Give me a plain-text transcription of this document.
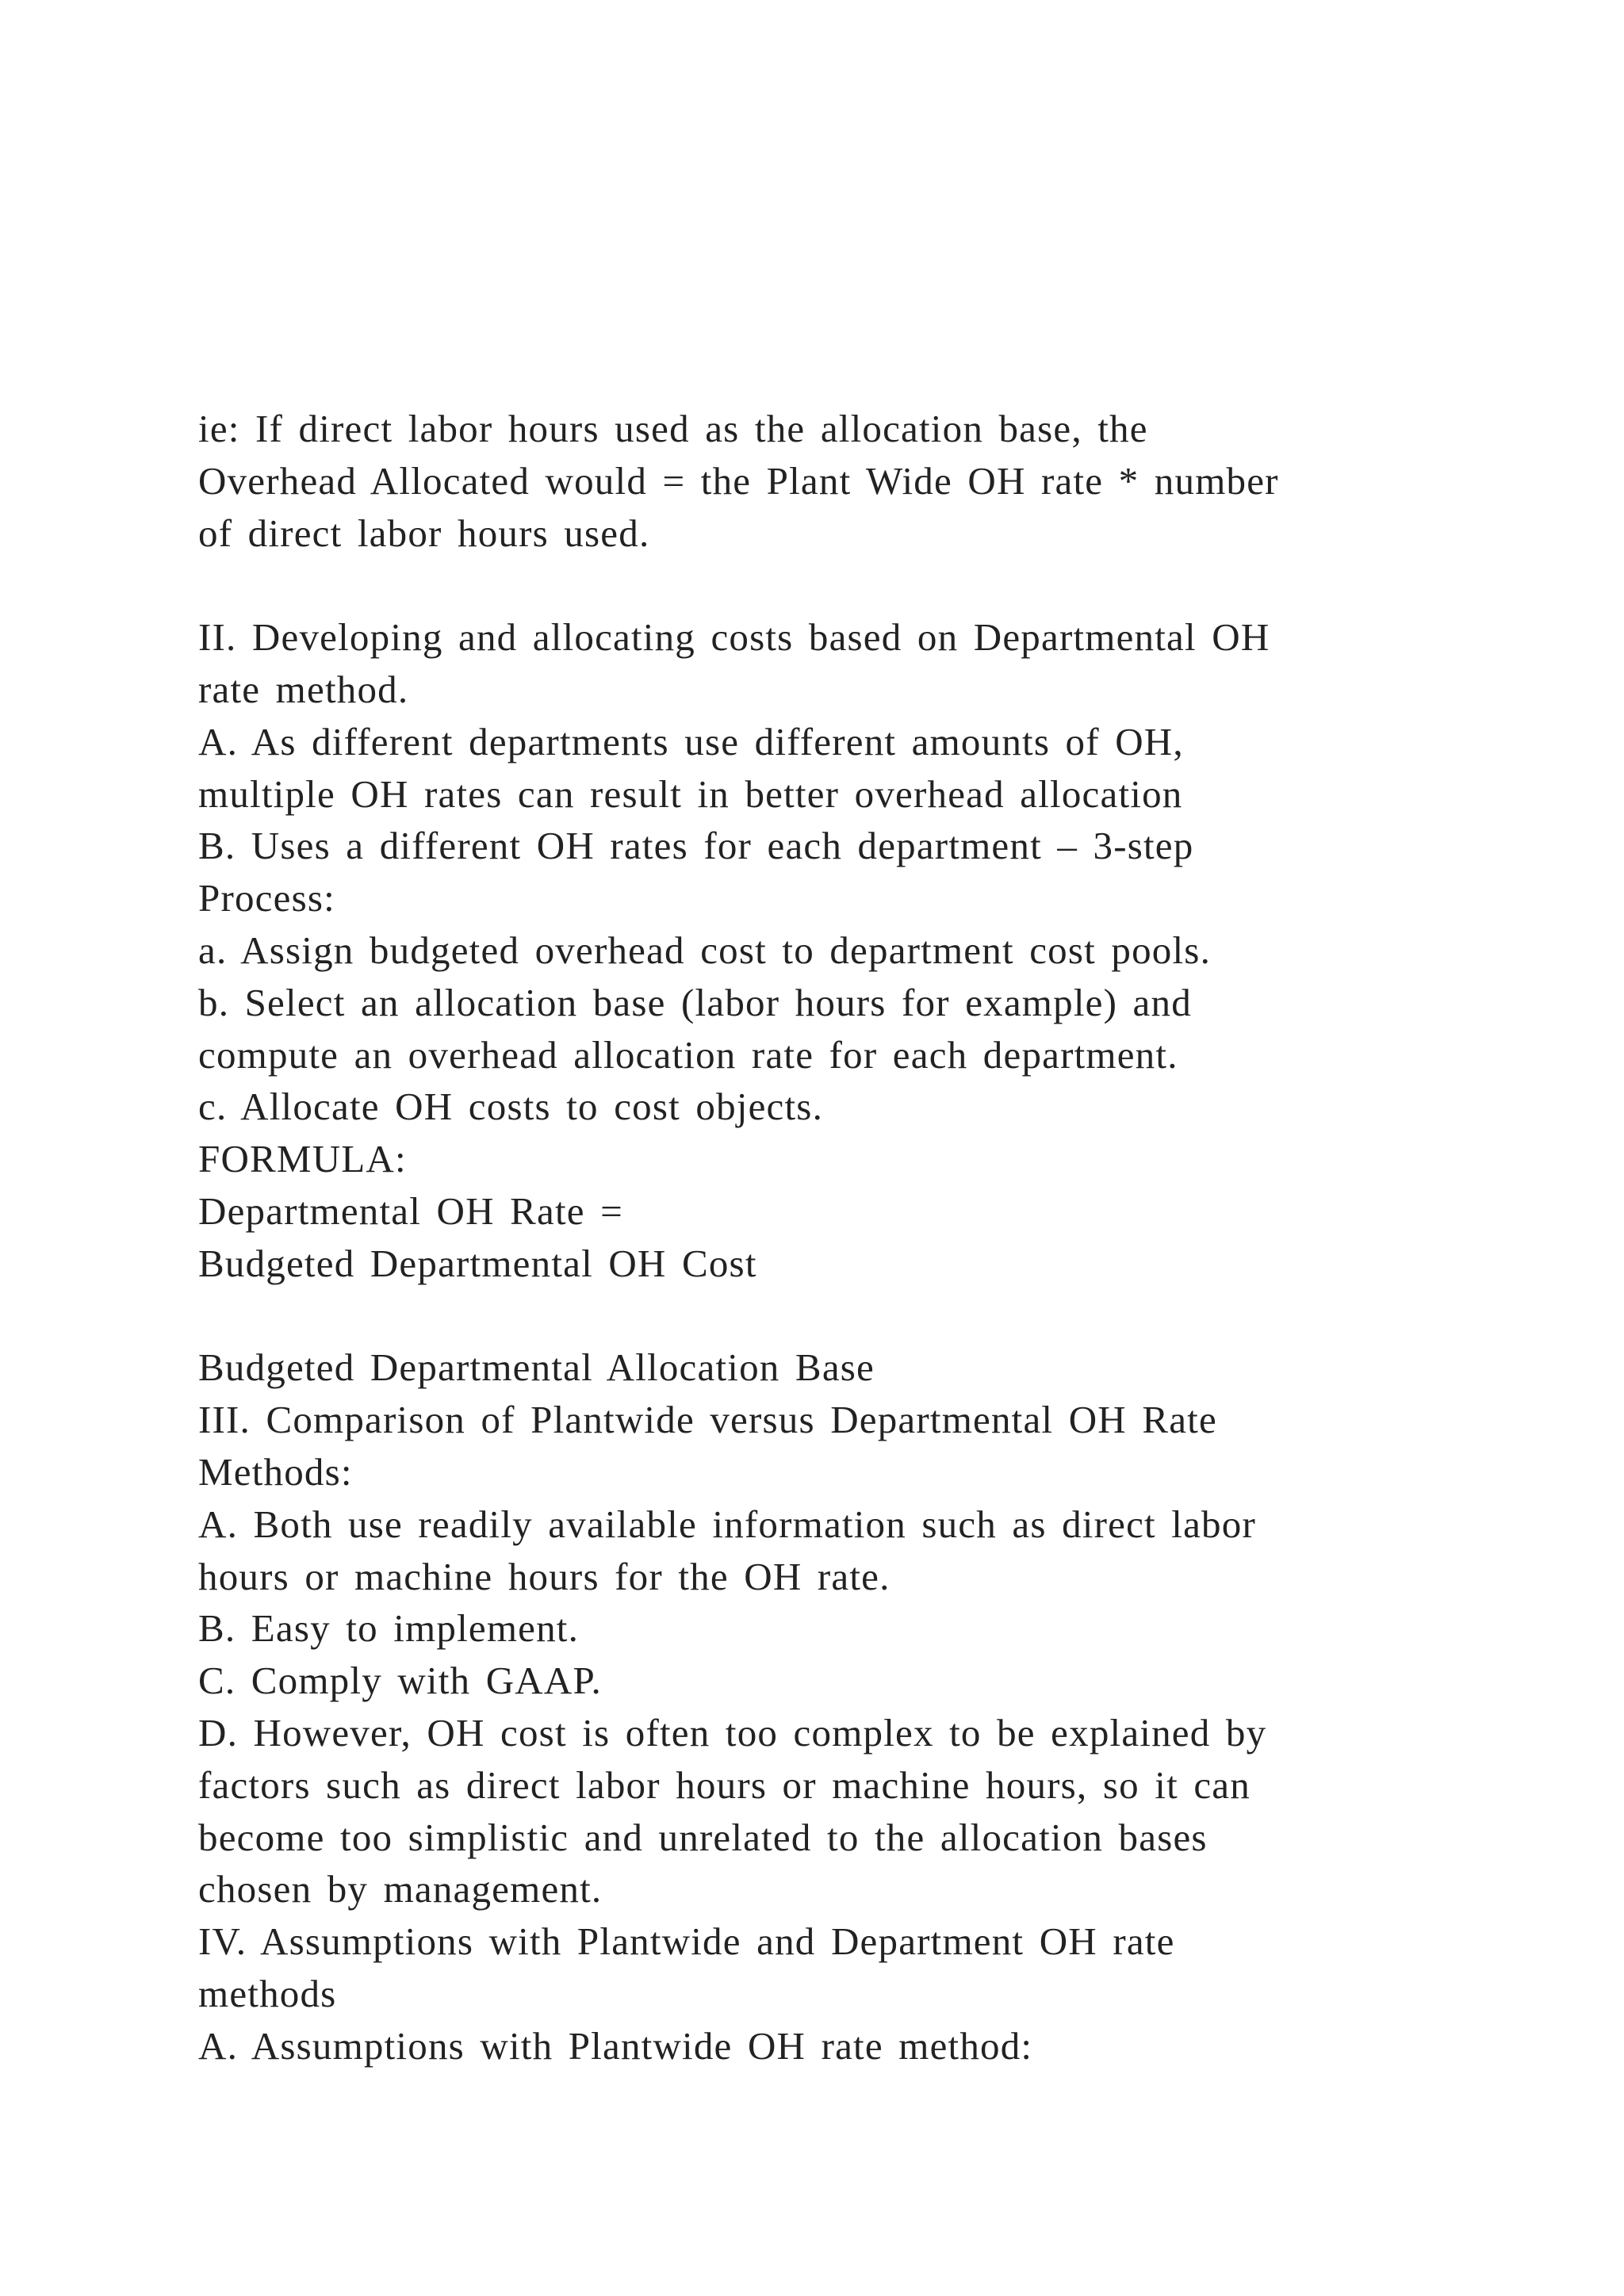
ie: If direct labor hours used as the allocation base, the
Overhead Allocated would = the Plant Wide OH rate * number
of direct labor hours used.
II. Developing and allocating costs based on Departmental OH
rate method.
A. As different departments use different amounts of OH,
multiple OH rates can result in better overhead allocation
B. Uses a different OH rates for each department – 3-step
Process:
a. Assign budgeted overhead cost to department cost pools.
b. Select an allocation base (labor hours for example) and
compute an overhead allocation rate for each department.
c. Allocate OH costs to cost objects.
FORMULA:
Departmental OH Rate =
Budgeted Departmental OH Cost
Budgeted Departmental Allocation Base
III. Comparison of Plantwide versus Departmental OH Rate
Methods:
A. Both use readily available information such as direct labor
hours or machine hours for the OH rate.
B. Easy to implement.
C. Comply with GAAP.
D. However, OH cost is often too complex to be explained by
factors such as direct labor hours or machine hours, so it can
become too simplistic and unrelated to the allocation bases
chosen by management.
IV. Assumptions with Plantwide and Department OH rate
methods
A. Assumptions with Plantwide OH rate method:
